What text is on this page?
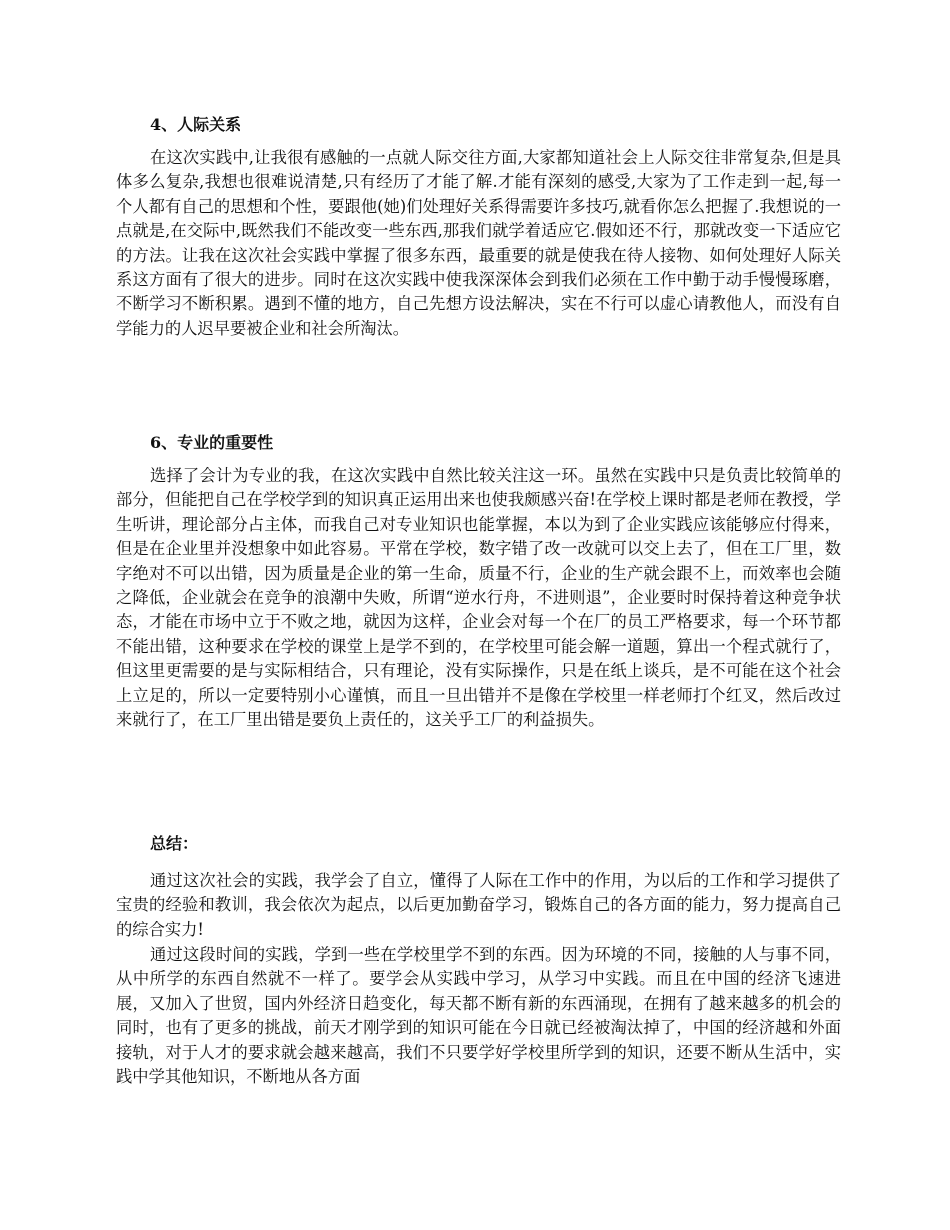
4、人际关系

在这次实践中,让我很有感触的一点就人际交往方面,大家都知道社会上人际交往非常复杂,但是具体多么复杂,我想也很难说清楚,只有经历了才能了解.才能有深刻的感受,大家为了工作走到一起,每一个人都有自己的思想和个性，要跟他(她)们处理好关系得需要许多技巧,就看你怎么把握了.我想说的一点就是,在交际中,既然我们不能改变一些东西,那我们就学着适应它.假如还不行，那就改变一下适应它的方法。让我在这次社会实践中掌握了很多东西，最重要的就是使我在待人接物、如何处理好人际关系这方面有了很大的进步。同时在这次实践中使我深深体会到我们必须在工作中勤于动手慢慢琢磨，不断学习不断积累。遇到不懂的地方，自己先想方设法解决，实在不行可以虚心请教他人，而没有自学能力的人迟早要被企业和社会所淘汰。

6、专业的重要性

选择了会计为专业的我，在这次实践中自然比较关注这一环。虽然在实践中只是负责比较简单的部分，但能把自己在学校学到的知识真正运用出来也使我颇感兴奋!在学校上课时都是老师在教授，学生听讲，理论部分占主体，而我自己对专业知识也能掌握，本以为到了企业实践应该能够应付得来，但是在企业里并没想象中如此容易。平常在学校，数字错了改一改就可以交上去了，但在工厂里，数字绝对不可以出错，因为质量是企业的第一生命，质量不行，企业的生产就会跟不上，而效率也会随之降低，企业就会在竞争的浪潮中失败，所谓“逆水行舟，不进则退”，企业要时时保持着这种竞争状态，才能在市场中立于不败之地，就因为这样，企业会对每一个在厂的员工严格要求，每一个环节都不能出错，这种要求在学校的课堂上是学不到的，在学校里可能会解一道题，算出一个程式就行了，但这里更需要的是与实际相结合，只有理论，没有实际操作，只是在纸上谈兵，是不可能在这个社会上立足的，所以一定要特别小心谨慎，而且一旦出错并不是像在学校里一样老师打个红叉，然后改过来就行了，在工厂里出错是要负上责任的，这关乎工厂的利益损失。

总结：

通过这次社会的实践，我学会了自立，懂得了人际在工作中的作用，为以后的工作和学习提供了宝贵的经验和教训，我会依次为起点，以后更加勤奋学习，锻炼自己的各方面的能力，努力提高自己的综合实力!

通过这段时间的实践，学到一些在学校里学不到的东西。因为环境的不同，接触的人与事不同，从中所学的东西自然就不一样了。要学会从实践中学习，从学习中实践。而且在中国的经济飞速进展，又加入了世贸，国内外经济日趋变化，每天都不断有新的东西涌现，在拥有了越来越多的机会的同时，也有了更多的挑战，前天才刚学到的知识可能在今日就已经被淘汰掉了，中国的经济越和外面接轨，对于人才的要求就会越来越高，我们不只要学好学校里所学到的知识，还要不断从生活中，实践中学其他知识，不断地从各方面
